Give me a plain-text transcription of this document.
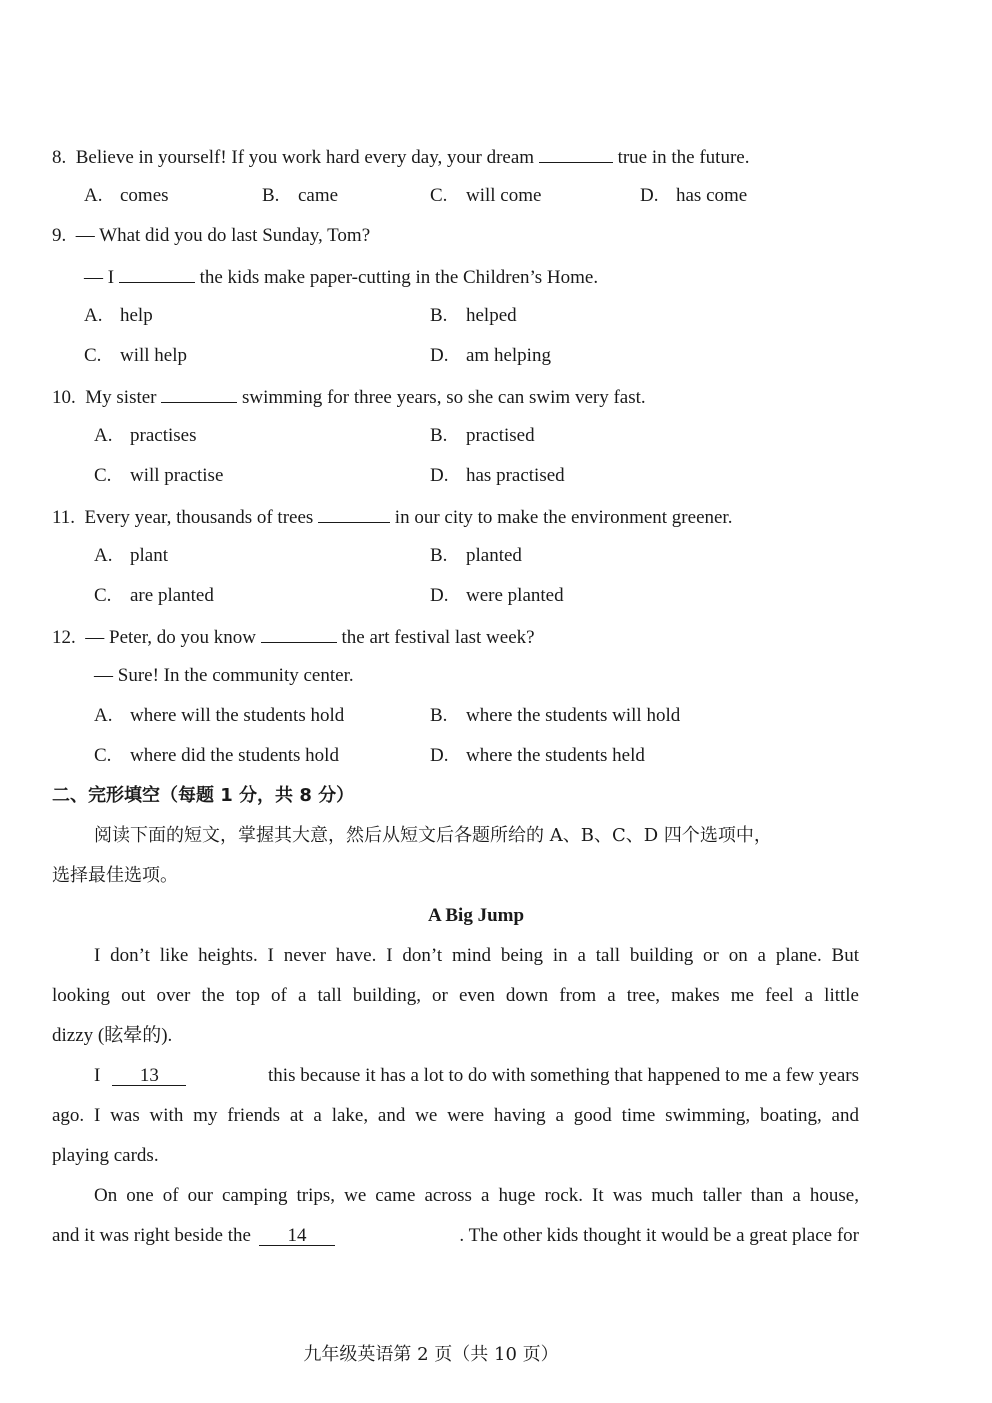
8. Believe in yourself! If you work hard every day, your dream	true in the future.
A. comes	B. came	C. will come	D. has come
9. — What did you do last Sunday, Tom?
— I	the kids make paper-cutting in the Children’s Home.
A. help	B. helped
C. will help	D. am helping
10. My sister	swimming for three years, so she can swim very fast.
A. practises	B. practised
C. will practise	D. has practised
11. Every year, thousands of trees	in our city to make the environment greener.
A. plant	B. planted
C. are planted	D. were planted
12. — Peter, do you know	the art festival last week?
— Sure! In the community center.
A. where will the students hold	B. where the students will hold
C. where did the students hold	D. where the students held
二、完形填空（每题 1 分，共 8 分）
阅读下面的短文，掌握其大意，然后从短文后各题所给的 A、B、C、D 四个选项中，
选择最佳选项。
A Big Jump
I don’t like heights. I never have. I don’t mind being in a tall building or on a plane. But
looking out over the top of a tall building, or even down from a tree, makes me feel a little
dizzy (眩晕的).
I	13	this because it has a lot to do with something that happened to me a few years
ago. I was with my friends at a lake, and we were having a good time swimming, boating, and
playing cards.
On one of our camping trips, we came across a huge rock. It was much taller than a house,
and it was right beside the	14	. The other kids thought it would be a great place for
九年级英语第 2 页（共 10 页）
